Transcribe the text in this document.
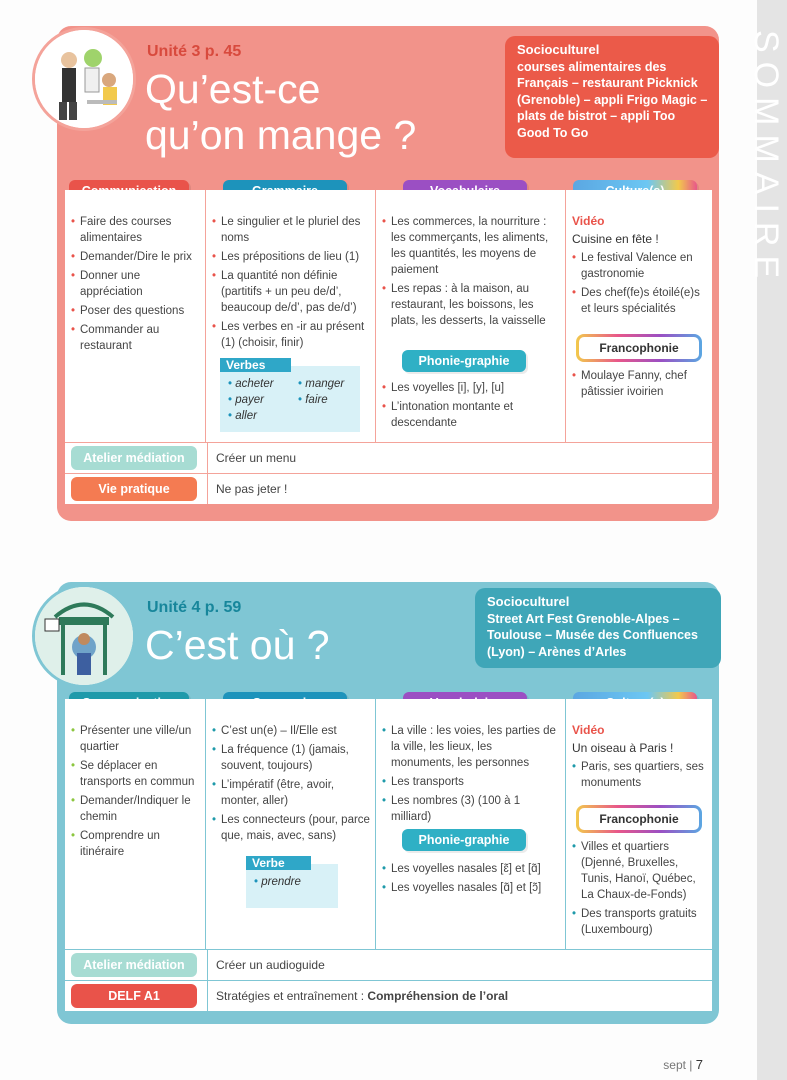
SOMMAIRE
Unité 3 p. 45
Qu’est-ce
qu’on mange ?
Socioculturel
courses alimentaires des Français – restaurant Picknick (Grenoble) – appli Frigo Magic – plats de bistrot – appli Too Good To Go
• Faire des courses alimentaires
• Demander/Dire le prix
• Donner une appréciation
• Poser des questions
• Commander au restaurant
• Le singulier et le pluriel des noms
• Les prépositions de lieu (1)
• La quantité non définie (partitifs + un peu de/d’, beaucoup de/d’, pas de/d’)
• Les verbes en -ir au présent (1) (choisir, finir)
Verbes
• acheter	• manger
• payer	• faire
• aller
• Les commerces, la nourriture : les commerçants, les aliments, les quantités, les moyens de paiement
• Les repas : à la maison, au restaurant, les boissons, les plats, les desserts, la vaisselle
Phonie-graphie
• Les voyelles [i], [y], [u]
• L’intonation montante et descendante
Vidéo
Cuisine en fête !
• Le festival Valence en gastronomie
• Des chef(fe)s étoilé(e)s et leurs spécialités
Francophonie
• Moulaye Fanny, chef pâtissier ivoirien
Atelier médiation	Créer un menu
Vie pratique	Ne pas jeter !
Unité 4 p. 59
C’est où ?
Socioculturel
Street Art Fest Grenoble-Alpes – Toulouse – Musée des Confluences (Lyon) – Arènes d’Arles
• Présenter une ville/un quartier
• Se déplacer en transports en commun
• Demander/Indiquer le chemin
• Comprendre un itinéraire
• C’est un(e) – Il/Elle est
• La fréquence (1) (jamais, souvent, toujours)
• L’impératif (être, avoir, monter, aller)
• Les connecteurs (pour, parce que, mais, avec, sans)
Verbe
• prendre
• La ville : les voies, les parties de la ville, les lieux, les monuments, les personnes
• Les transports
• Les nombres (3) (100 à 1 milliard)
Phonie-graphie
• Les voyelles nasales [ɛ̃] et [ɑ̃]
• Les voyelles nasales [ɑ̃] et [ɔ̃]
Vidéo
Un oiseau à Paris !
• Paris, ses quartiers, ses monuments
Francophonie
• Villes et quartiers (Djenné, Bruxelles, Tunis, Hanoï, Québec, La Chaux-de-Fonds)
• Des transports gratuits (Luxembourg)
Atelier médiation	Créer un audioguide
DELF A1	Stratégies et entraînement : Compréhension de l’oral
sept | 7
